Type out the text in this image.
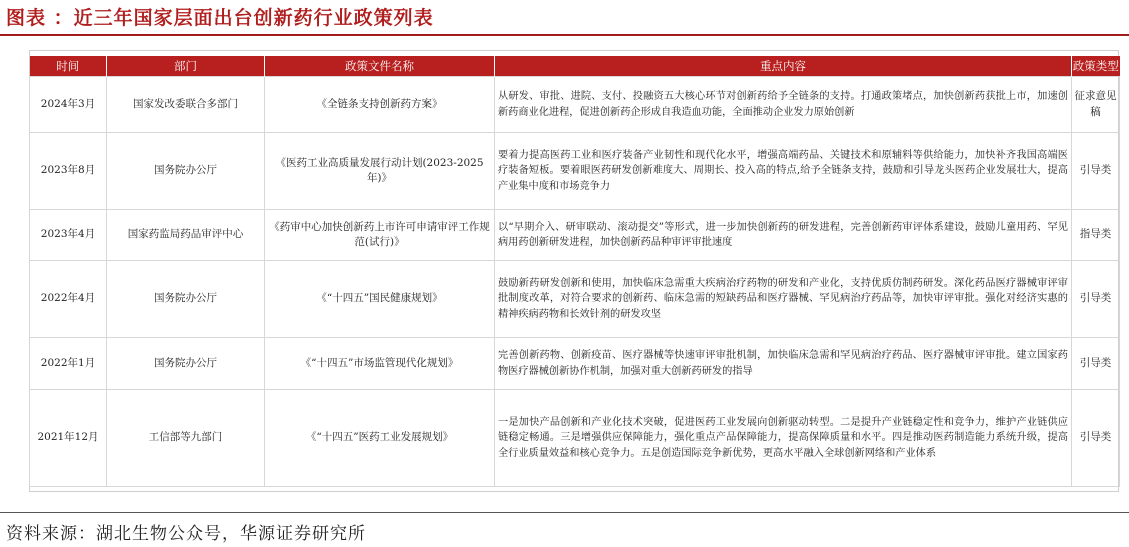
图表 ：近三年国家层面出台创新药行业政策列表
时间	部门	政策文件名称	重点内容	政策类型
2024年3月	国家发改委联合多部门	《全链条支持创新药方案》	从研发、审批、进院、支付、投融资五大核心环节对创新药给予全链条的支持。打通政策堵点，加快创新药获批上市，加速创新药商业化进程，促进创新药企形成自我造血功能，全面推动企业发力原始创新	征求意见稿
2023年8月	国务院办公厅	《医药工业高质量发展行动计划(2023-2025年)》	要着力提高医药工业和医疗装备产业韧性和现代化水平，增强高端药品、关键技术和原辅料等供给能力，加快补齐我国高端医疗装备短板。要着眼医药研发创新难度大、周期长、投入高的特点,给予全链条支持，鼓励和引导龙头医药企业发展壮大，提高产业集中度和市场竞争力	引导类
2023年4月	国家药监局药品审评中心	《药审中心加快创新药上市许可申请审评工作规范(试行)》	以“早期介入、研审联动、滚动提交”等形式，进一步加快创新药的研发进程，完善创新药审评体系建设，鼓励儿童用药、罕见病用药创新研发进程，加快创新药品种审评审批速度	指导类
2022年4月	国务院办公厅	《“十四五”国民健康规划》	鼓励新药研发创新和使用，加快临床急需重大疾病治疗药物的研发和产业化，支持优质仿制药研发。深化药品医疗器械审评审批制度改革，对符合要求的创新药、临床急需的短缺药品和医疗器械、罕见病治疗药品等，加快审评审批。强化对经济实惠的精神疾病药物和长效针剂的研发攻坚	引导类
2022年1月	国务院办公厅	《“十四五”市场监管现代化规划》	完善创新药物、创新疫苗、医疗器械等快速审评审批机制，加快临床急需和罕见病治疗药品、医疗器械审评审批。建立国家药物医疗器械创新协作机制，加强对重大创新药研发的指导	引导类
2021年12月	工信部等九部门	《“十四五”医药工业发展规划》	一是加快产品创新和产业化技术突破，促进医药工业发展向创新驱动转型。二是提升产业链稳定性和竞争力，维护产业链供应链稳定畅通。三是增强供应保障能力，强化重点产品保障能力，提高保障质量和水平。四是推动医药制造能力系统升级，提高全行业质量效益和核心竞争力。五是创造国际竞争新优势，更高水平融入全球创新网络和产业体系	引导类
资料来源：湖北生物公众号，华源证券研究所
